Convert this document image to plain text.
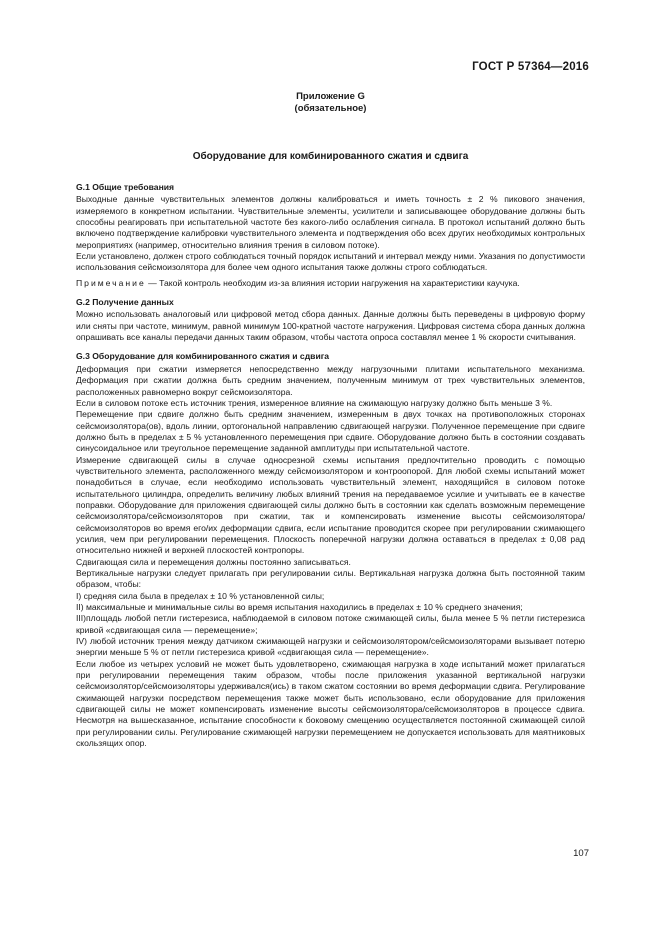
ГОСТ Р 57364—2016
Приложение G
(обязательное)
Оборудование для комбинированного сжатия и сдвига
G.1 Общие требования

Выходные данные чувствительных элементов должны калиброваться и иметь точность ± 2 % пикового значения, измеряемого в конкретном испытании. Чувствительные элементы, усилители и записывающее оборудование должны быть способны реагировать при испытательной частоте без какого-либо ослабления сигнала. В протокол испытаний должно быть включено подтверждение калибровки чувствительного элемента и подтверждения обо всех других необходимых контрольных мероприятиях (например, относительно влияния трения в силовом потоке).

Если установлено, должен строго соблюдаться точный порядок испытаний и интервал между ними. Указания по допустимости использования сейсмоизолятора для более чем одного испытания также должны строго соблюдаться.

Примечание — Такой контроль необходим из-за влияния истории нагружения на характеристики каучука.

G.2 Получение данных

Можно использовать аналоговый или цифровой метод сбора данных. Данные должны быть переведены в цифровую форму или сняты при частоте, минимум, равной минимум 100-кратной частоте нагружения. Цифровая система сбора данных должна опрашивать все каналы передачи данных таким образом, чтобы частота опроса составлял менее 1 % скорости считывания.

G.3 Оборудование для комбинированного сжатия и сдвига

Деформация при сжатии измеряется непосредственно между нагрузочными плитами испытательного механизма. Деформация при сжатии должна быть средним значением, полученным минимум от трех чувствительных элементов, расположенных равномерно вокруг сейсмоизолятора.

Если в силовом потоке есть источник трения, измеренное влияние на сжимающую нагрузку должно быть меньше 3 %.

Перемещение при сдвиге должно быть средним значением, измеренным в двух точках на противоположных сторонах сейсмоизолятора(ов), вдоль линии, ортогональной направлению сдвигающей нагрузки. Полученное перемещение при сдвиге должно быть в пределах ± 5 % установленного перемещения при сдвиге. Оборудование должно быть в состоянии создавать синусоидальное или треугольное перемещение заданной амплитуды при испытательной частоте.

Измерение сдвигающей силы в случае односрезной схемы испытания предпочтительно проводить с помощью чувствительного элемента, расположенного между сейсмоизолятором и контроопорой. Для любой схемы испытаний может понадобиться в случае, если необходимо использовать чувствительный элемент, находящийся в силовом потоке испытательного цилиндра, определить величину любых влияний трения на передаваемое усилие и учитывать ее в качестве поправки. Оборудование для приложения сдвигающей силы должно быть в состоянии как сделать возможным перемещение сейсмоизолятора/сейсмоизоляторов при сжатии, так и компенсировать изменение высоты сейсмоизолятора/сейсмоизоляторов во время его/их деформации сдвига, если испытание проводится скорее при регулировании сжимающего усилия, чем при регулировании перемещения. Плоскость поперечной нагрузки должна оставаться в пределах ± 0,08 рад относительно нижней и верхней плоскостей контропоры.

Сдвигающая сила и перемещения должны постоянно записываться.

Вертикальные нагрузки следует прилагать при регулировании силы. Вертикальная нагрузка должна быть постоянной таким образом, чтобы:

I) средняя сила была в пределах ± 10 % установленной силы;

II) максимальные и минимальные силы во время испытания находились в пределах ± 10 % среднего значения;

III)площадь любой петли гистерезиса, наблюдаемой в силовом потоке сжимающей силы, была менее 5 % петли гистерезиса кривой «сдвигающая сила — перемещение»;

IV) любой источник трения между датчиком сжимающей нагрузки и сейсмоизолятором/сейсмоизоляторами вызывает потерю энергии меньше 5 % от петли гистерезиса кривой «сдвигающая сила — перемещение».

Если любое из четырех условий не может быть удовлетворено, сжимающая нагрузка в ходе испытаний может прилагаться при регулировании перемещения таким образом, чтобы после приложения указанной вертикальной нагрузки сейсмоизолятор/сейсмоизоляторы удерживался(ись) в таком сжатом состоянии во время деформации сдвига. Регулирование сжимающей нагрузки посредством перемещения также может быть использовано, если оборудование для приложения сдвигающей силы не может компенсировать изменение высоты сейсмоизолятора/сейсмоизоляторов в процессе сдвига. Несмотря на вышесказанное, испытание способности к боковому смещению осуществляется постоянной сжимающей силой при регулировании силы. Регулирование сжимающей нагрузки перемещением не допускается использовать для маятниковых скользящих опор.

107
